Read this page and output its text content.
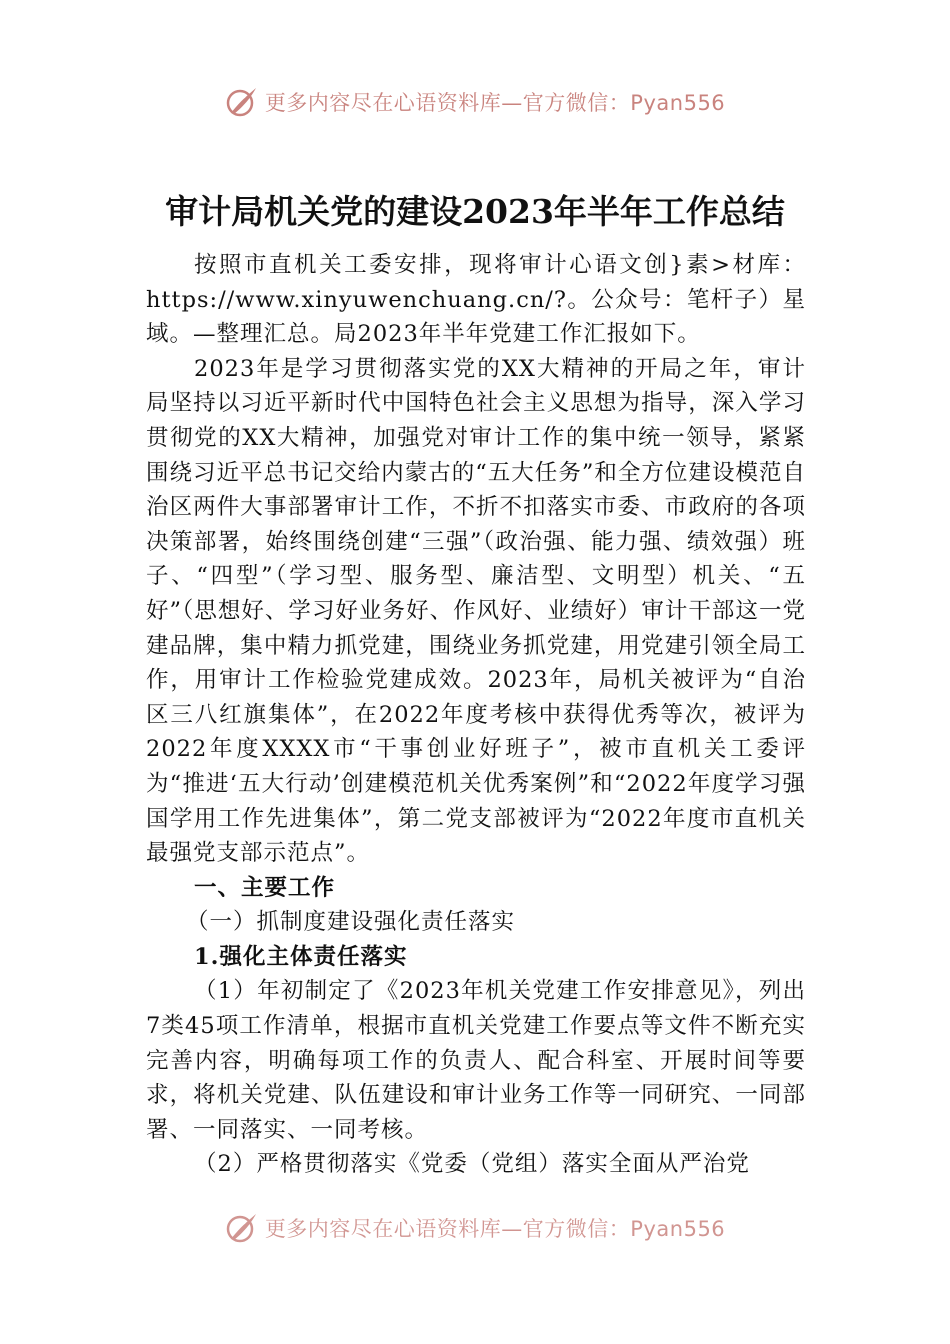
更多内容尽在心语资料库—官方微信：Pyan556
审计局机关党的建设2023年半年工作总结

按照市直机关工委安排，现将审计心语文创}素>材库：https://www.xinyuwenchuang.cn/?。公众号：笔杆子）星域。—整理汇总。局2023年半年党建工作汇报如下。

2023年是学习贯彻落实党的XX大精神的开局之年，审计局坚持以习近平新时代中国特色社会主义思想为指导，深入学习贯彻党的XX大精神，加强党对审计工作的集中统一领导，紧紧围绕习近平总书记交给内蒙古的“五大任务”和全方位建设模范自治区两件大事部署审计工作，不折不扣落实市委、市政府的各项决策部署，始终围绕创建“三强”（政治强、能力强、绩效强）班子、“四型”（学习型、服务型、廉洁型、文明型）机关、“五好”（思想好、学习好业务好、作风好、业绩好）审计干部这一党建品牌，集中精力抓党建，围绕业务抓党建，用党建引领全局工作，用审计工作检验党建成效。2023年，局机关被评为“自治区三八红旗集体”，在2022年度考核中获得优秀等次，被评为2022年度XXXX市“干事创业好班子”，被市直机关工委评为“推进‘五大行动’创建模范机关优秀案例”和“2022年度学习强国学用工作先进集体”，第二党支部被评为“2022年度市直机关最强党支部示范点”。

一、主要工作

（一）抓制度建设强化责任落实

1.强化主体责任落实

（1）年初制定了《2023年机关党建工作安排意见》，列出7类45项工作清单，根据市直机关党建工作要点等文件不断充实完善内容，明确每项工作的负责人、配合科室、开展时间等要求，将机关党建、队伍建设和审计业务工作等一同研究、一同部署、一同落实、一同考核。

（2）严格贯彻落实《党委（党组）落实全面从严治党

更多内容尽在心语资料库—官方微信：Pyan556
